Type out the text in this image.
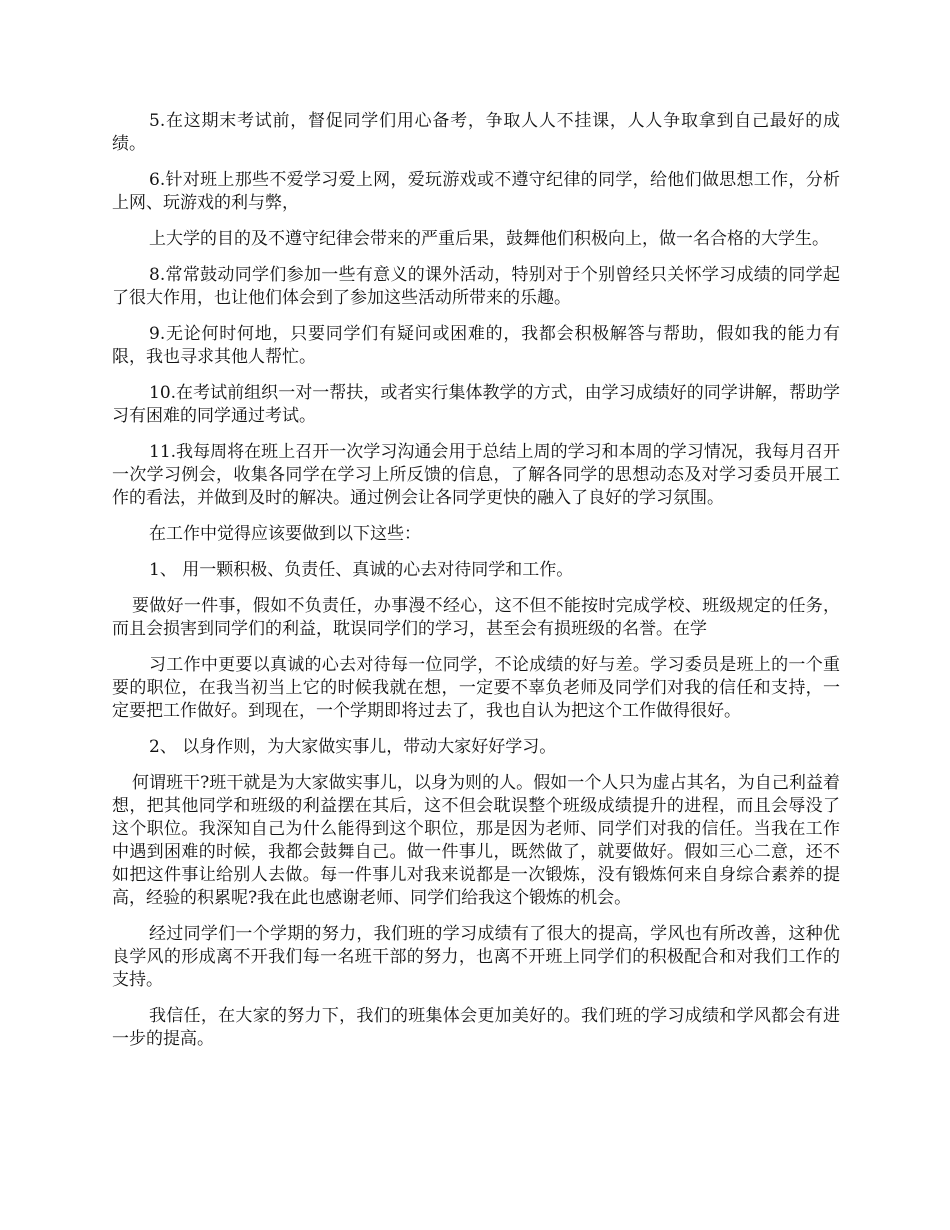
5.在这期末考试前，督促同学们用心备考，争取人人不挂课，人人争取拿到自己最好的成绩。

6.针对班上那些不爱学习爱上网，爱玩游戏或不遵守纪律的同学，给他们做思想工作，分析上网、玩游戏的利与弊，

上大学的目的及不遵守纪律会带来的严重后果，鼓舞他们积极向上，做一名合格的大学生。

8.常常鼓动同学们参加一些有意义的课外活动，特别对于个别曾经只关怀学习成绩的同学起了很大作用，也让他们体会到了参加这些活动所带来的乐趣。

9.无论何时何地，只要同学们有疑问或困难的，我都会积极解答与帮助，假如我的能力有限，我也寻求其他人帮忙。

10.在考试前组织一对一帮扶，或者实行集体教学的方式，由学习成绩好的同学讲解，帮助学习有困难的同学通过考试。

11.我每周将在班上召开一次学习沟通会用于总结上周的学习和本周的学习情况，我每月召开一次学习例会，收集各同学在学习上所反馈的信息，了解各同学的思想动态及对学习委员开展工作的看法，并做到及时的解决。通过例会让各同学更快的融入了良好的学习氛围。

在工作中觉得应该要做到以下这些：

1、 用一颗积极、负责任、真诚的心去对待同学和工作。

要做好一件事，假如不负责任，办事漫不经心，这不但不能按时完成学校、班级规定的任务，而且会损害到同学们的利益，耽误同学们的学习，甚至会有损班级的名誉。在学

习工作中更要以真诚的心去对待每一位同学，不论成绩的好与差。学习委员是班上的一个重要的职位，在我当初当上它的时候我就在想，一定要不辜负老师及同学们对我的信任和支持，一定要把工作做好。到现在，一个学期即将过去了，我也自认为把这个工作做得很好。

2、 以身作则，为大家做实事儿，带动大家好好学习。

何谓班干?班干就是为大家做实事儿，以身为则的人。假如一个人只为虚占其名，为自己利益着想，把其他同学和班级的利益摆在其后，这不但会耽误整个班级成绩提升的进程，而且会辱没了这个职位。我深知自己为什么能得到这个职位，那是因为老师、同学们对我的信任。当我在工作中遇到困难的时候，我都会鼓舞自己。做一件事儿，既然做了，就要做好。假如三心二意，还不如把这件事让给别人去做。每一件事儿对我来说都是一次锻炼，没有锻炼何来自身综合素养的提高，经验的积累呢?我在此也感谢老师、同学们给我这个锻炼的机会。

经过同学们一个学期的努力，我们班的学习成绩有了很大的提高，学风也有所改善，这种优良学风的形成离不开我们每一名班干部的努力，也离不开班上同学们的积极配合和对我们工作的支持。

我信任，在大家的努力下，我们的班集体会更加美好的。我们班的学习成绩和学风都会有进一步的提高。
